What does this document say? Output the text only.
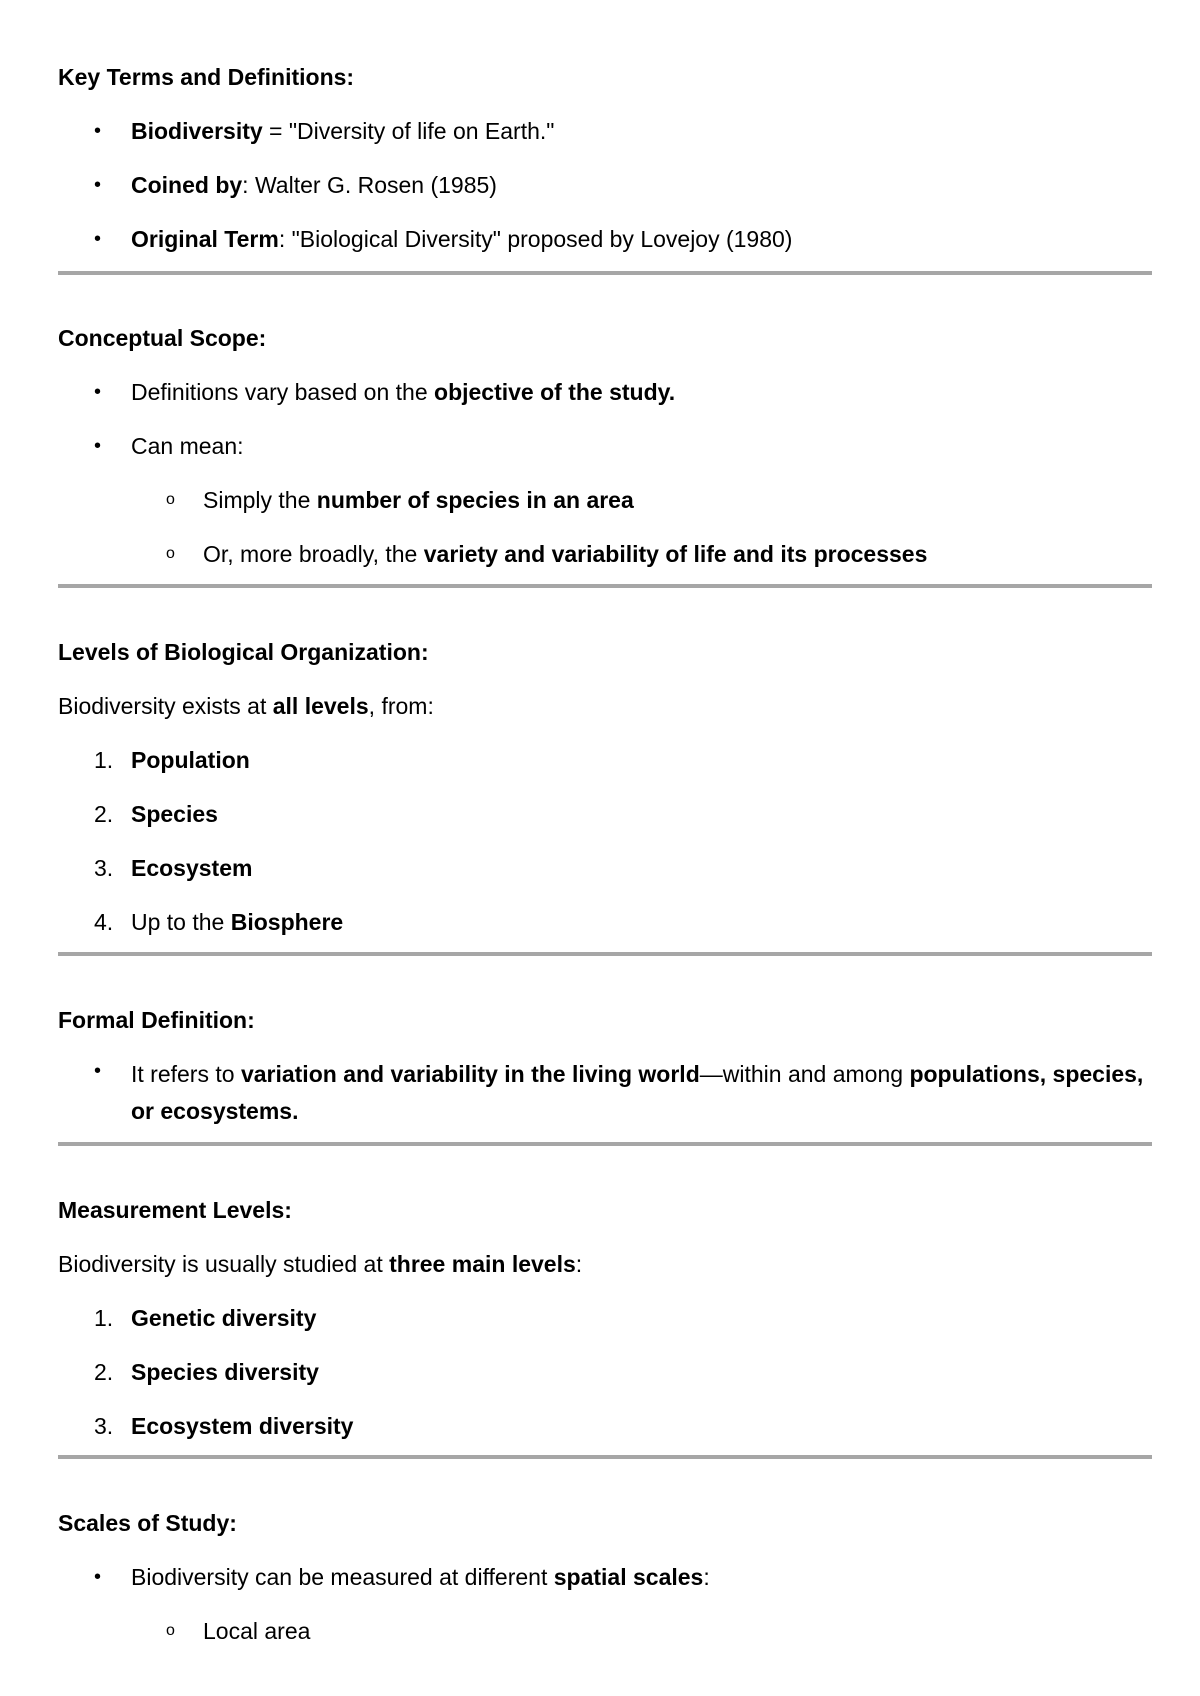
Key Terms and Definitions:
•	Biodiversity = "Diversity of life on Earth."
•	Coined by: Walter G. Rosen (1985)
•	Original Term: "Biological Diversity" proposed by Lovejoy (1980)
Conceptual Scope:
•	Definitions vary based on the objective of the study.
•	Can mean:
o	Simply the number of species in an area
o	Or, more broadly, the variety and variability of life and its processes
Levels of Biological Organization:
Biodiversity exists at all levels, from:
1. Population
2. Species
3. Ecosystem
4. Up to the Biosphere
Formal Definition:
•	It refers to variation and variability in the living world—within and among populations, species, or ecosystems.
Measurement Levels:
Biodiversity is usually studied at three main levels:
1. Genetic diversity
2. Species diversity
3. Ecosystem diversity
Scales of Study:
•	Biodiversity can be measured at different spatial scales:
o	Local area
